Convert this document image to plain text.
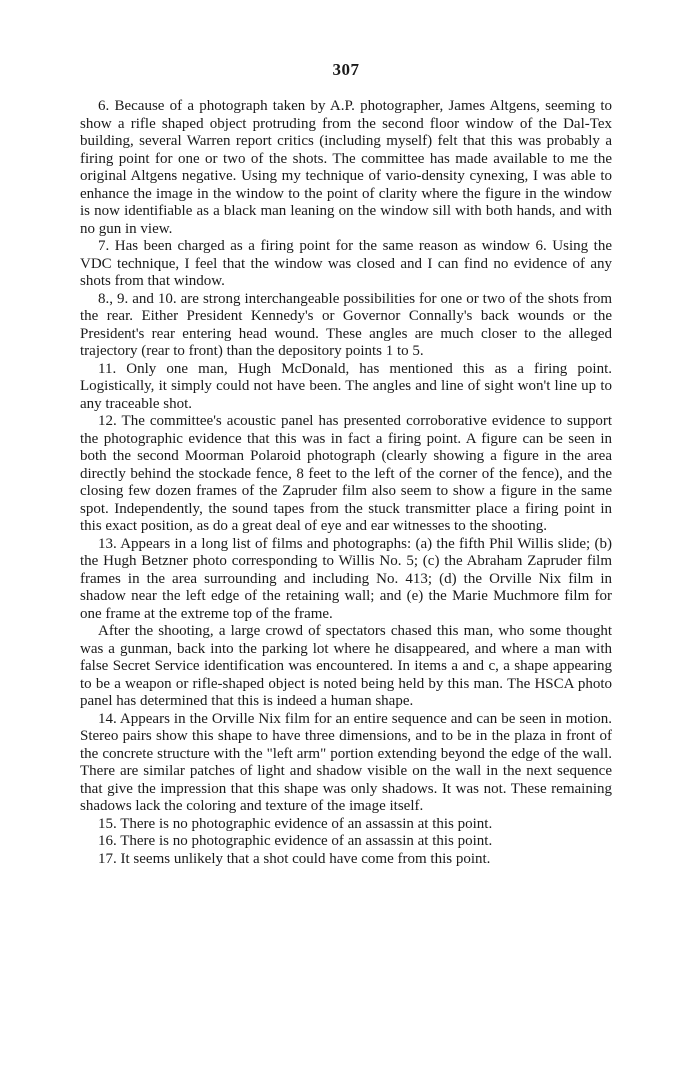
307

6. Because of a photograph taken by A.P. photographer, James Altgens, seeming to show a rifle shaped object protruding from the second floor window of the Dal-Tex building, several Warren report critics (including myself) felt that this was probably a firing point for one or two of the shots. The committee has made available to me the original Altgens negative. Using my technique of vario-density cynexing, I was able to enhance the image in the window to the point of clarity where the figure in the window is now identifiable as a black man leaning on the window sill with both hands, and with no gun in view.

7. Has been charged as a firing point for the same reason as window 6. Using the VDC technique, I feel that the window was closed and I can find no evidence of any shots from that window.

8., 9. and 10. are strong interchangeable possibilities for one or two of the shots from the rear. Either President Kennedy's or Governor Connally's back wounds or the President's rear entering head wound. These angles are much closer to the alleged trajectory (rear to front) than the depository points 1 to 5.

11. Only one man, Hugh McDonald, has mentioned this as a firing point. Logistically, it simply could not have been. The angles and line of sight won't line up to any traceable shot.

12. The committee's acoustic panel has presented corroborative evidence to support the photographic evidence that this was in fact a firing point. A figure can be seen in both the second Moorman Polaroid photograph (clearly showing a figure in the area directly behind the stockade fence, 8 feet to the left of the corner of the fence), and the closing few dozen frames of the Zapruder film also seem to show a figure in the same spot. Independently, the sound tapes from the stuck transmitter place a firing point in this exact position, as do a great deal of eye and ear witnesses to the shooting.

13. Appears in a long list of films and photographs: (a) the fifth Phil Willis slide; (b) the Hugh Betzner photo corresponding to Willis No. 5; (c) the Abraham Zapruder film frames in the area surrounding and including No. 413; (d) the Orville Nix film in shadow near the left edge of the retaining wall; and (e) the Marie Muchmore film for one frame at the extreme top of the frame.

After the shooting, a large crowd of spectators chased this man, who some thought was a gunman, back into the parking lot where he disappeared, and where a man with false Secret Service identification was encountered. In items a and c, a shape appearing to be a weapon or rifle-shaped object is noted being held by this man. The HSCA photo panel has determined that this is indeed a human shape.

14. Appears in the Orville Nix film for an entire sequence and can be seen in motion. Stereo pairs show this shape to have three dimensions, and to be in the plaza in front of the concrete structure with the "left arm" portion extending beyond the edge of the wall. There are similar patches of light and shadow visible on the wall in the next sequence that give the impression that this shape was only shadows. It was not. These remaining shadows lack the coloring and texture of the image itself.

15. There is no photographic evidence of an assassin at this point.

16. There is no photographic evidence of an assassin at this point.

17. It seems unlikely that a shot could have come from this point.
